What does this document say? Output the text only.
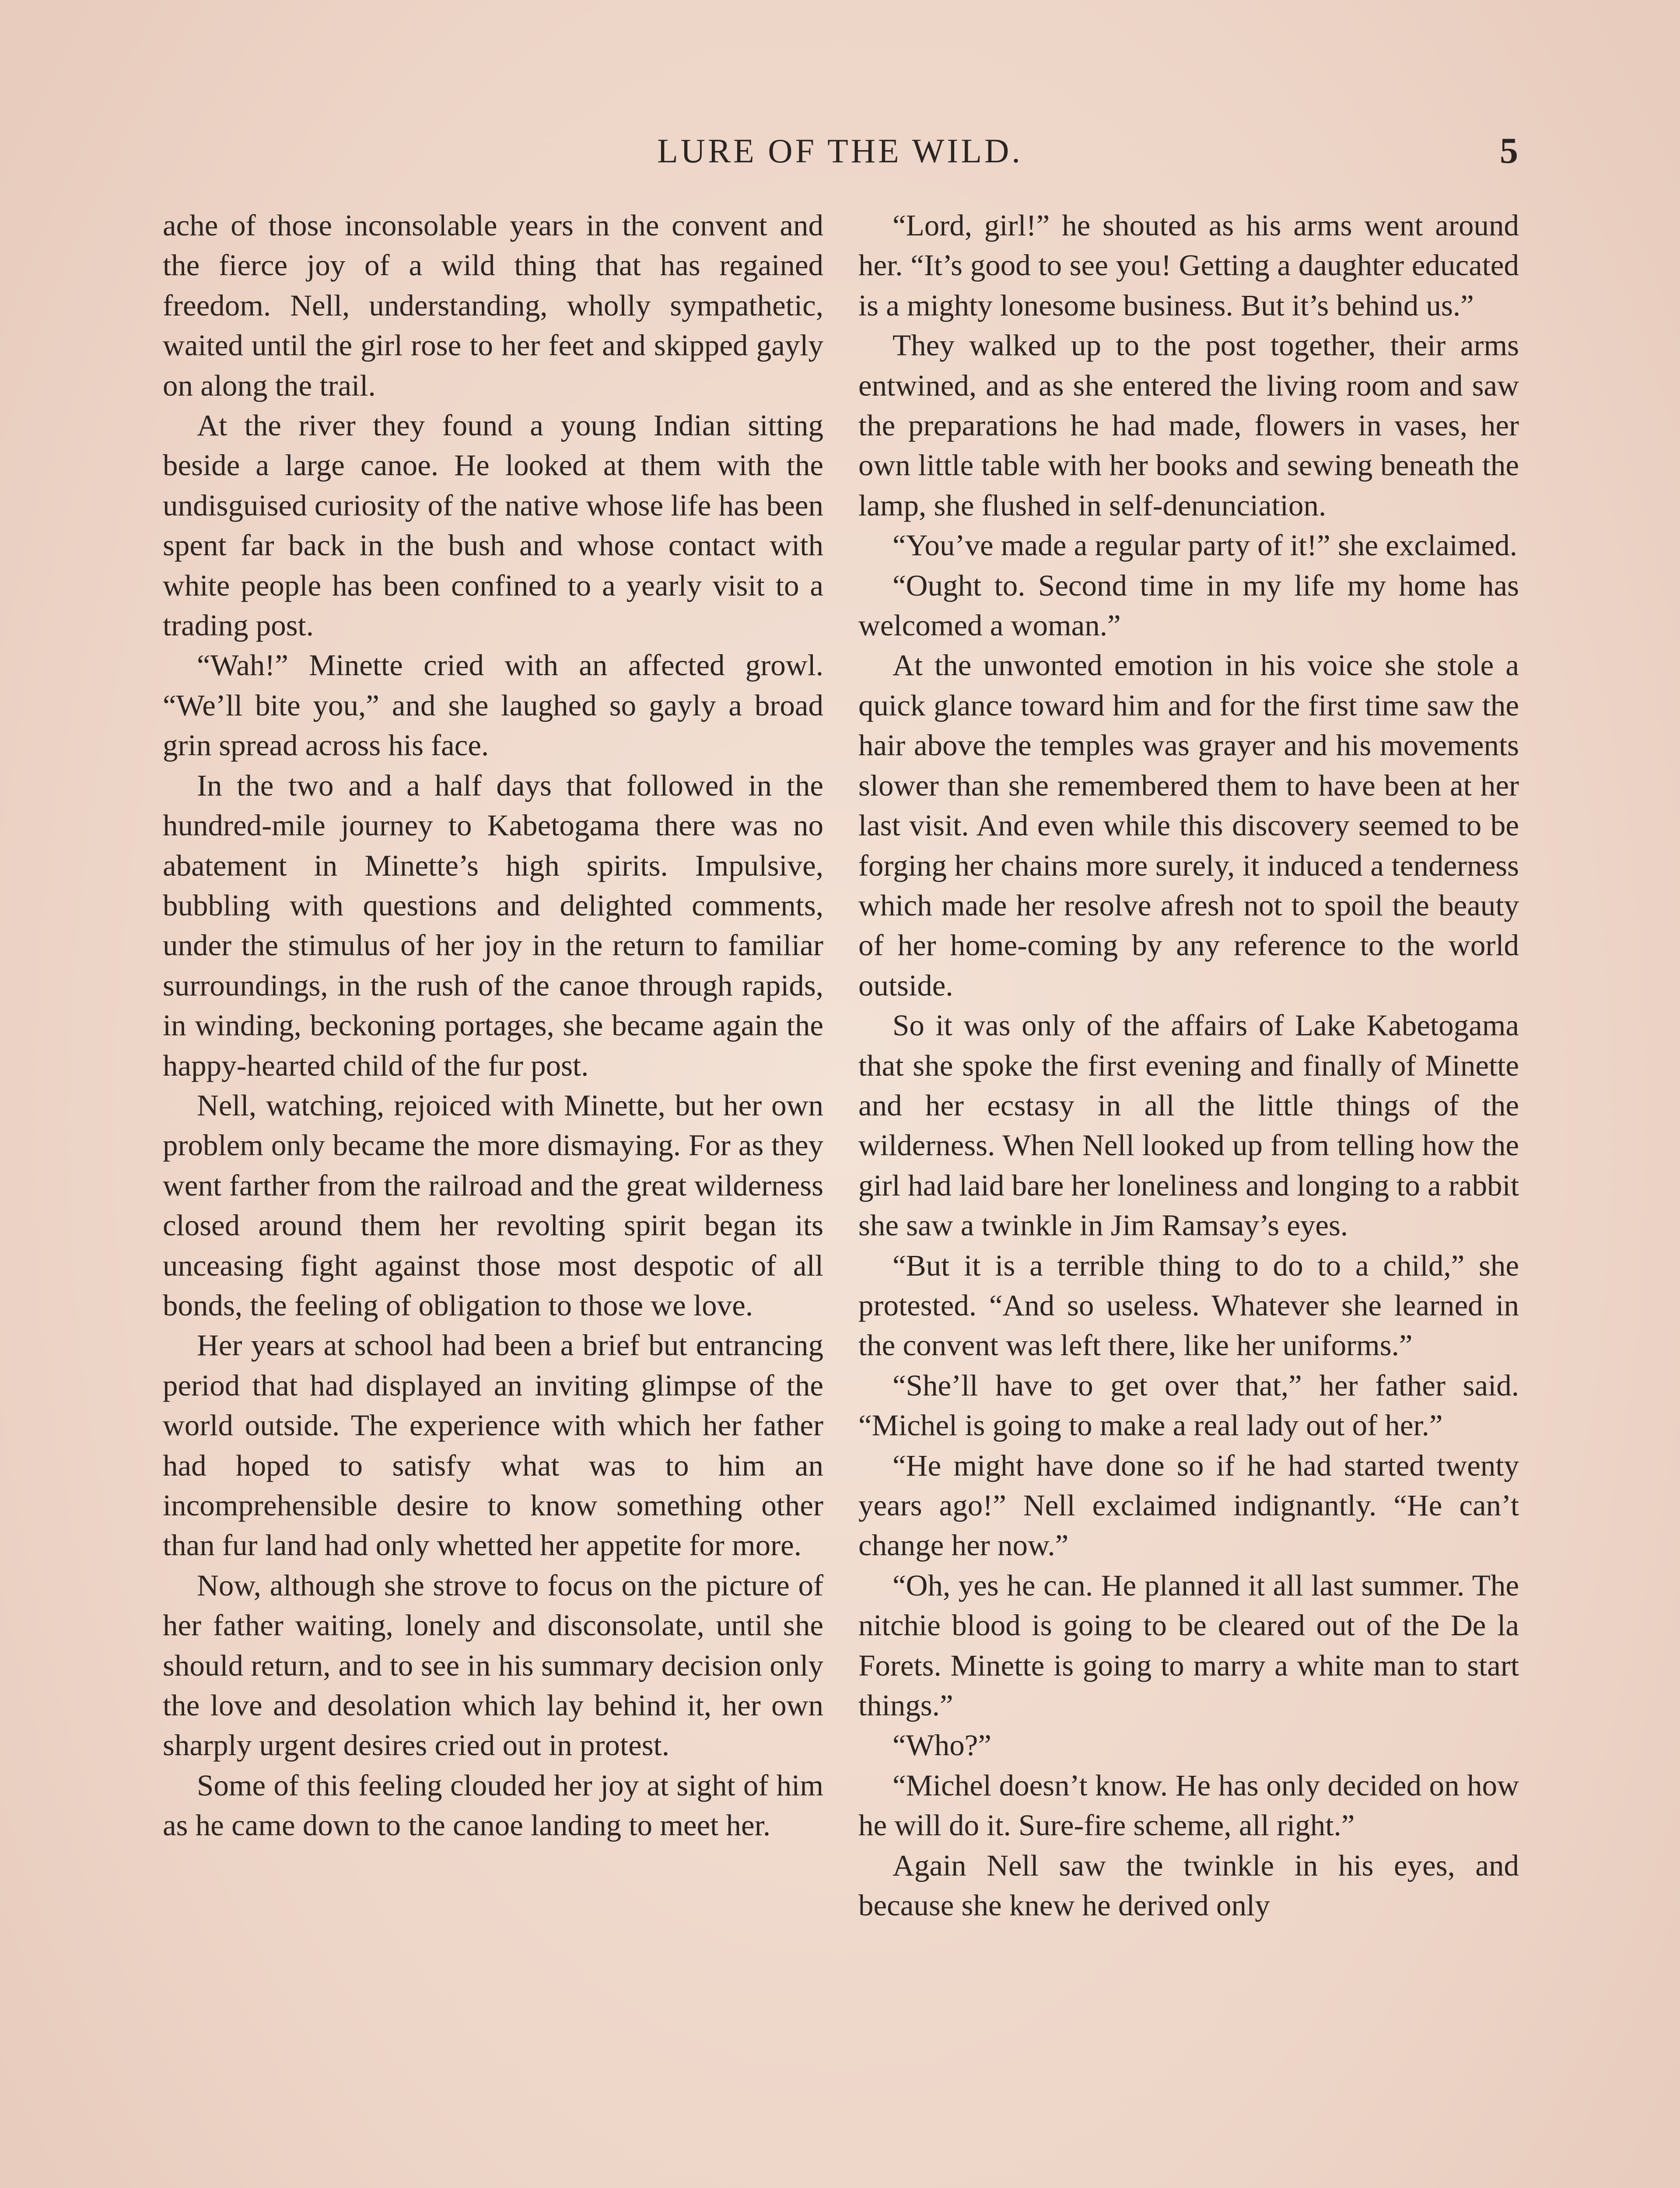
LURE OF THE WILD.	5

ache of those inconsolable years in the convent and the fierce joy of a wild thing that has regained freedom. Nell, understanding, wholly sympathetic, waited until the girl rose to her feet and skipped gayly on along the trail.

At the river they found a young Indian sitting beside a large canoe. He looked at them with the undisguised curiosity of the native whose life has been spent far back in the bush and whose contact with white people has been confined to a yearly visit to a trading post.

“Wah!” Minette cried with an affected growl. “We’ll bite you,” and she laughed so gayly a broad grin spread across his face.

In the two and a half days that followed in the hundred-mile journey to Kabetogama there was no abatement in Minette’s high spirits. Impulsive, bubbling with questions and delighted comments, under the stimulus of her joy in the return to familiar surroundings, in the rush of the canoe through rapids, in winding, beckoning portages, she became again the happy-hearted child of the fur post.

Nell, watching, rejoiced with Minette, but her own problem only became the more dismaying. For as they went farther from the railroad and the great wilderness closed around them her revolting spirit began its unceasing fight against those most despotic of all bonds, the feeling of obligation to those we love.

Her years at school had been a brief but entrancing period that had displayed an inviting glimpse of the world outside. The experience with which her father had hoped to satisfy what was to him an incomprehensible desire to know something other than fur land had only whetted her appetite for more.

Now, although she strove to focus on the picture of her father waiting, lonely and disconsolate, until she should return, and to see in his summary decision only the love and desolation which lay behind it, her own sharply urgent desires cried out in protest.

Some of this feeling clouded her joy at sight of him as he came down to the canoe landing to meet her.

“Lord, girl!” he shouted as his arms went around her. “It’s good to see you! Getting a daughter educated is a mighty lonesome business. But it’s behind us.”

They walked up to the post together, their arms entwined, and as she entered the living room and saw the preparations he had made, flowers in vases, her own little table with her books and sewing beneath the lamp, she flushed in self-denunciation.

“You’ve made a regular party of it!” she exclaimed.

“Ought to. Second time in my life my home has welcomed a woman.”

At the unwonted emotion in his voice she stole a quick glance toward him and for the first time saw the hair above the temples was grayer and his movements slower than she remembered them to have been at her last visit. And even while this discovery seemed to be forging her chains more surely, it induced a tenderness which made her resolve afresh not to spoil the beauty of her home-coming by any reference to the world outside.

So it was only of the affairs of Lake Kabetogama that she spoke the first evening and finally of Minette and her ecstasy in all the little things of the wilderness. When Nell looked up from telling how the girl had laid bare her loneliness and longing to a rabbit she saw a twinkle in Jim Ramsay’s eyes.

“But it is a terrible thing to do to a child,” she protested. “And so useless. Whatever she learned in the convent was left there, like her uniforms.”

“She’ll have to get over that,” her father said. “Michel is going to make a real lady out of her.”

“He might have done so if he had started twenty years ago!” Nell exclaimed indignantly. “He can’t change her now.”

“Oh, yes he can. He planned it all last summer. The nitchie blood is going to be cleared out of the De la Forets. Minette is going to marry a white man to start things.”

“Who?”

“Michel doesn’t know. He has only decided on how he will do it. Sure-fire scheme, all right.”

Again Nell saw the twinkle in his eyes, and because she knew he derived only
